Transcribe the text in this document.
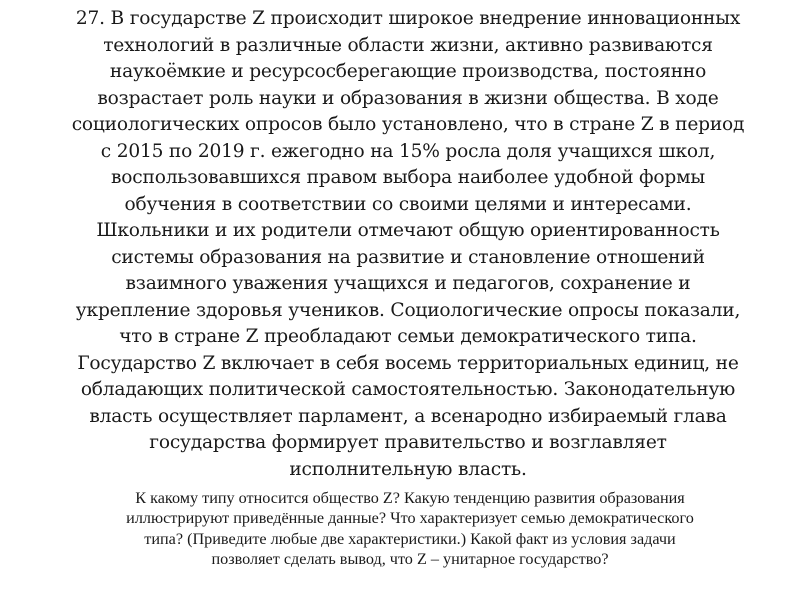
27. В государстве Z происходит широкое внедрение инновационных
технологий в различные области жизни, активно развиваются
наукоёмкие и ресурсосберегающие производства, постоянно
возрастает роль науки и образования в жизни общества. В ходе
социологических опросов было установлено, что в стране Z в период
с 2015 по 2019 г. ежегодно на 15% росла доля учащихся школ,
воспользовавшихся правом выбора наиболее удобной формы
обучения в соответствии со своими целями и интересами.
Школьники и их родители отмечают общую ориентированность
системы образования на развитие и становление отношений
взаимного уважения учащихся и педагогов, сохранение и
укрепление здоровья учеников. Социологические опросы показали,
что в стране Z преобладают семьи демократического типа.
Государство Z включает в себя восемь территориальных единиц, не
обладающих политической самостоятельностью. Законодательную
власть осуществляет парламент, а всенародно избираемый глава
государства формирует правительство и возглавляет
исполнительную власть.

К какому типу относится общество Z? Какую тенденцию развития образования
иллюстрируют приведённые данные? Что характеризует семью демократического
типа? (Приведите любые две характеристики.) Какой факт из условия задачи
позволяет сделать вывод, что Z – унитарное государство?
